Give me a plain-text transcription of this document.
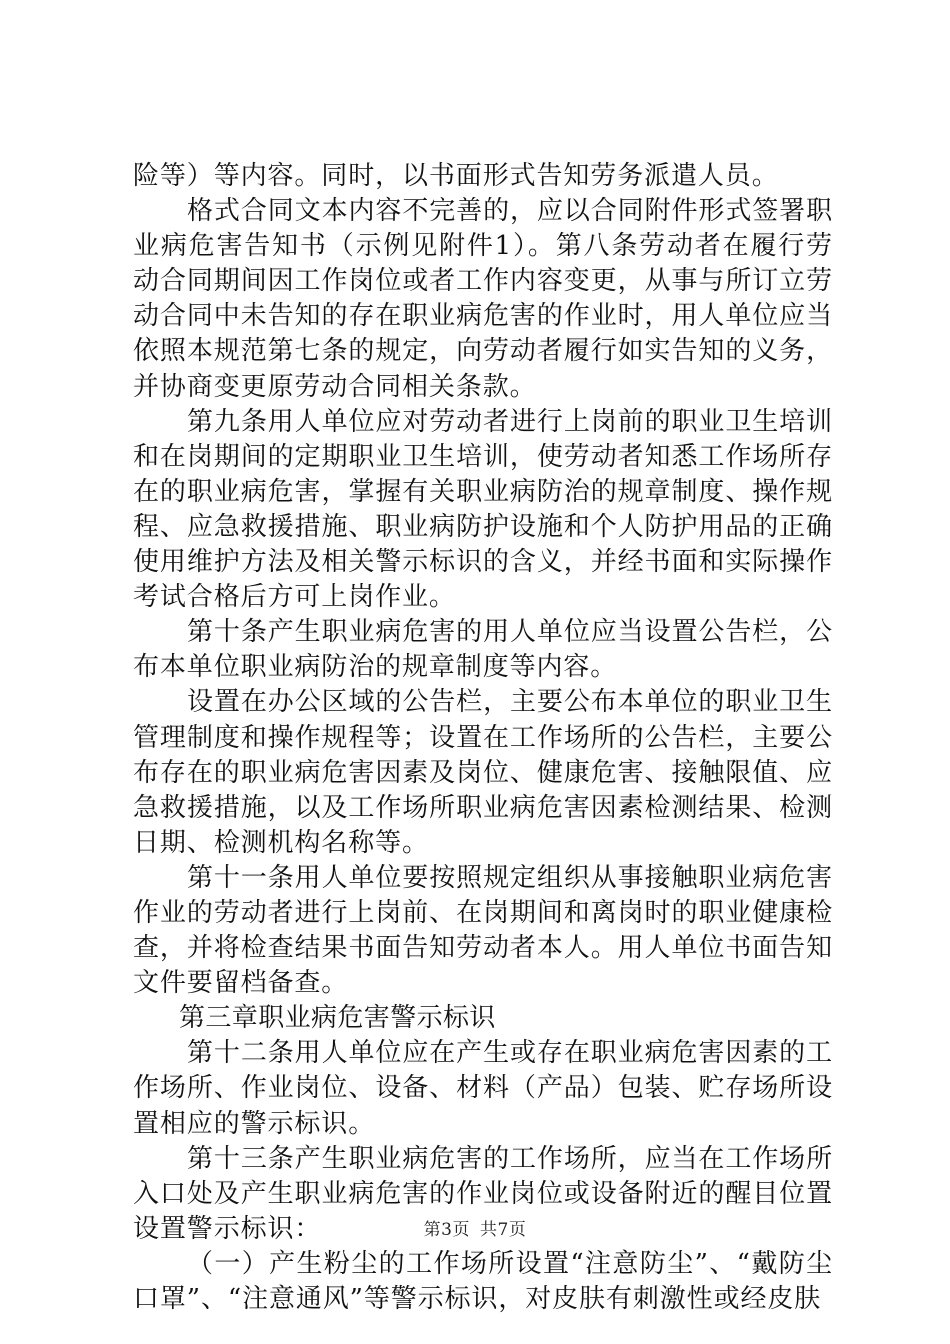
险等）等内容。同时，以书面形式告知劳务派遣人员。

格式合同文本内容不完善的，应以合同附件形式签署职业病危害告知书（示例见附件1）。第八条劳动者在履行劳动合同期间因工作岗位或者工作内容变更，从事与所订立劳动合同中未告知的存在职业病危害的作业时，用人单位应当依照本规范第七条的规定，向劳动者履行如实告知的义务，并协商变更原劳动合同相关条款。

第九条用人单位应对劳动者进行上岗前的职业卫生培训和在岗期间的定期职业卫生培训，使劳动者知悉工作场所存在的职业病危害，掌握有关职业病防治的规章制度、操作规程、应急救援措施、职业病防护设施和个人防护用品的正确使用维护方法及相关警示标识的含义，并经书面和实际操作考试合格后方可上岗作业。

第十条产生职业病危害的用人单位应当设置公告栏，公布本单位职业病防治的规章制度等内容。

设置在办公区域的公告栏，主要公布本单位的职业卫生管理制度和操作规程等；设置在工作场所的公告栏，主要公布存在的职业病危害因素及岗位、健康危害、接触限值、应急救援措施，以及工作场所职业病危害因素检测结果、检测日期、检测机构名称等。

第十一条用人单位要按照规定组织从事接触职业病危害作业的劳动者进行上岗前、在岗期间和离岗时的职业健康检查，并将检查结果书面告知劳动者本人。用人单位书面告知文件要留档备查。

第三章职业病危害警示标识

第十二条用人单位应在产生或存在职业病危害因素的工作场所、作业岗位、设备、材料（产品）包装、贮存场所设置相应的警示标识。

第十三条产生职业病危害的工作场所，应当在工作场所入口处及产生职业病危害的作业岗位或设备附近的醒目位置设置警示标识：

（一）产生粉尘的工作场所设置“注意防尘”、“戴防尘口罩”、“注意通风”等警示标识，对皮肤有刺激性或经皮肤

第3页 共7页
